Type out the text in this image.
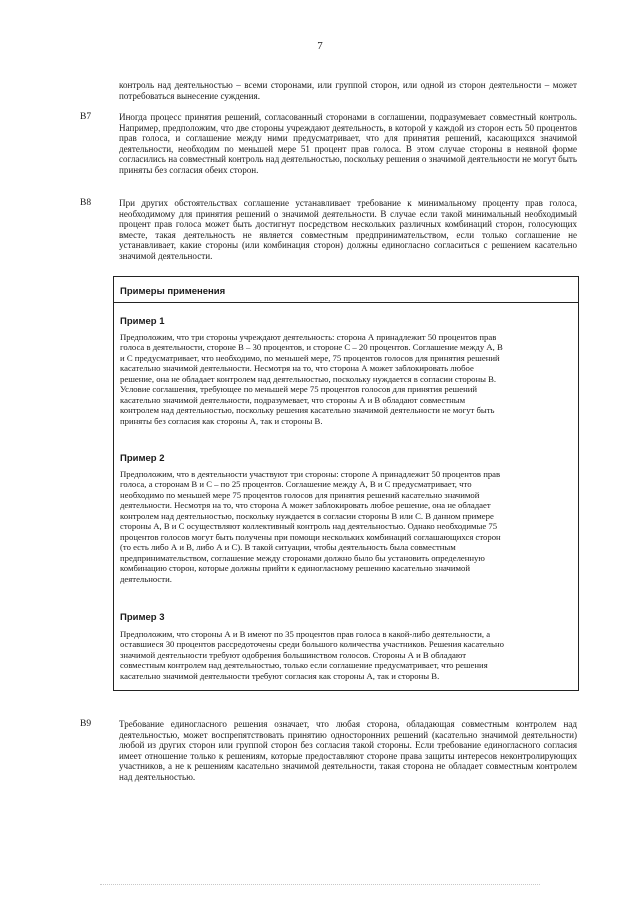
7
контроль над деятельностью – всеми сторонами, или группой сторон, или одной из сторон деятельности – может потребоваться вынесение суждения.
B7	Иногда процесс принятия решений, согласованный сторонами в соглашении, подразумевает совместный контроль. Например, предположим, что две стороны учреждают деятельность, в которой у каждой из сторон есть 50 процентов прав голоса, и соглашение между ними предусматривает, что для принятия решений, касающихся значимой деятельности, необходим по меньшей мере 51 процент прав голоса. В этом случае стороны в неявной форме согласились на совместный контроль над деятельностью, поскольку решения о значимой деятельности не могут быть приняты без согласия обеих сторон.
B8	При других обстоятельствах соглашение устанавливает требование к минимальному проценту прав голоса, необходимому для принятия решений о значимой деятельности. В случае если такой минимальный необходимый процент прав голоса может быть достигнут посредством нескольких различных комбинаций сторон, голосующих вместе, такая деятельность не является совместным предпринимательством, если только соглашение не устанавливает, какие стороны (или комбинация сторон) должны единогласно согласиться с решением касательно значимой деятельности.
Примеры применения
Пример 1
Предположим, что три стороны учреждают деятельность: сторона А принадлежит 50 процентов прав
голоса в деятельности, стороне В – 30 процентов, и стороне С – 20 процентов. Соглашение между А, В
и С предусматривает, что необходимо, по меньшей мере, 75 процентов голосов для принятия решений
касательно значимой деятельности. Несмотря на то, что сторона А может заблокировать любое
решение, она не обладает контролем над деятельностью, поскольку нуждается в согласии стороны В.
Условие соглашения, требующее по меньшей мере 75 процентов голосов для принятия решений
касательно значимой деятельности, подразумевает, что стороны А и В обладают совместным
контролем над деятельностью, поскольку решения касательно значимой деятельности не могут быть
приняты без согласия как стороны А, так и стороны В.
Пример 2
Предположим, что в деятельности участвуют три стороны: сторone А принадлежит 50 процентов прав
голоса, а сторонам В и С – по 25 процентов. Соглашение между А, В и С предусматривает, что
необходимо по меньшей мере 75 процентов голосов для принятия решений касательно значимой
деятельности. Несмотря на то, что сторона А может заблокировать любое решение, она не обладает
контролем над деятельностью, поскольку нуждается в согласии стороны В или С. В данном примере
стороны А, В и С осуществляют коллективный контроль над деятельностью. Однако необходимые 75
процентов голосов могут быть получены при помощи нескольких комбинаций соглашающихся сторон
(то есть либо А и В, либо А и С). В такой ситуации, чтобы деятельность была совместным
предпринимательством, соглашение между сторонами должно было бы установить определенную
комбинацию сторон, которые должны прийти к единогласному решению касательно значимой
деятельности.
Пример 3
Предположим, что стороны А и В имеют по 35 процентов прав голоса в какой-либо деятельности, а
оставшиеся 30 процентов рассредоточены среди большого количества участников. Решения касательно
значимой деятельности требуют одобрения большинством голосов. Стороны А и В обладают
совместным контролем над деятельностью, только если соглашение предусматривает, что решения
касательно значимой деятельности требуют согласия как стороны А, так и стороны В.
B9	Требование единогласного решения означает, что любая сторона, обладающая совместным контролем над деятельностью, может воспрепятствовать принятию односторонних решений (касательно значимой деятельности) любой из других сторон или группой сторон без согласия такой стороны. Если требование единогласного согласия имеет отношение только к решениям, которые предоставляют стороне права защиты интересов неконтролирующих участников, а не к решениям касательно значимой деятельности, такая сторона не обладает совместным контролем над деятельностью.
